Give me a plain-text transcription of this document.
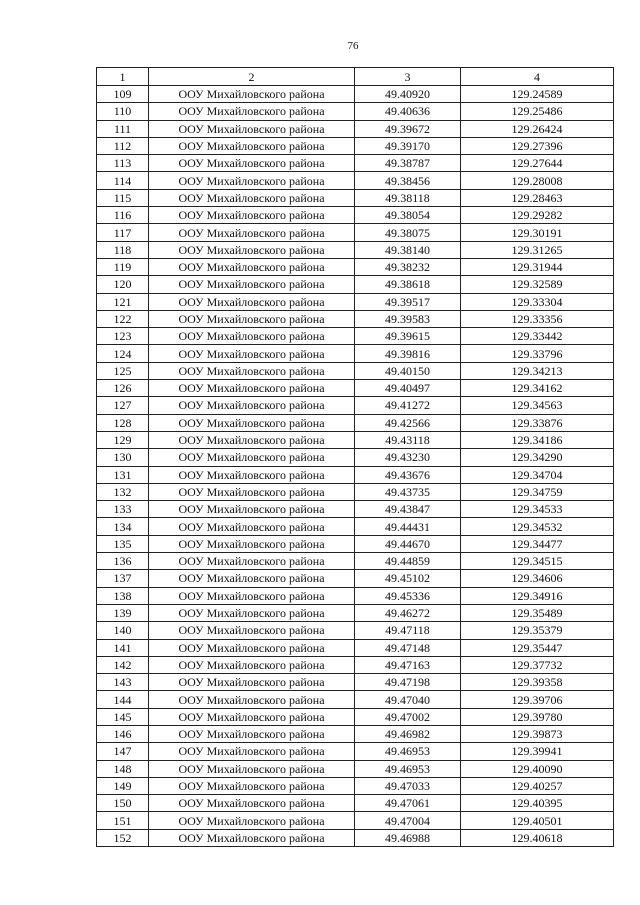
76
1	2	3	4
109	ООУ Михайловского района	49.40920	129.24589
110	ООУ Михайловского района	49.40636	129.25486
111	ООУ Михайловского района	49.39672	129.26424
112	ООУ Михайловского района	49.39170	129.27396
113	ООУ Михайловского района	49.38787	129.27644
114	ООУ Михайловского района	49.38456	129.28008
115	ООУ Михайловского района	49.38118	129.28463
116	ООУ Михайловского района	49.38054	129.29282
117	ООУ Михайловского района	49.38075	129.30191
118	ООУ Михайловского района	49.38140	129.31265
119	ООУ Михайловского района	49.38232	129.31944
120	ООУ Михайловского района	49.38618	129.32589
121	ООУ Михайловского района	49.39517	129.33304
122	ООУ Михайловского района	49.39583	129.33356
123	ООУ Михайловского района	49.39615	129.33442
124	ООУ Михайловского района	49.39816	129.33796
125	ООУ Михайловского района	49.40150	129.34213
126	ООУ Михайловского района	49.40497	129.34162
127	ООУ Михайловского района	49.41272	129.34563
128	ООУ Михайловского района	49.42566	129.33876
129	ООУ Михайловского района	49.43118	129.34186
130	ООУ Михайловского района	49.43230	129.34290
131	ООУ Михайловского района	49.43676	129.34704
132	ООУ Михайловского района	49.43735	129.34759
133	ООУ Михайловского района	49.43847	129.34533
134	ООУ Михайловского района	49.44431	129.34532
135	ООУ Михайловского района	49.44670	129.34477
136	ООУ Михайловского района	49.44859	129.34515
137	ООУ Михайловского района	49.45102	129.34606
138	ООУ Михайловского района	49.45336	129.34916
139	ООУ Михайловского района	49.46272	129.35489
140	ООУ Михайловского района	49.47118	129.35379
141	ООУ Михайловского района	49.47148	129.35447
142	ООУ Михайловского района	49.47163	129.37732
143	ООУ Михайловского района	49.47198	129.39358
144	ООУ Михайловского района	49.47040	129.39706
145	ООУ Михайловского района	49.47002	129.39780
146	ООУ Михайловского района	49.46982	129.39873
147	ООУ Михайловского района	49.46953	129.39941
148	ООУ Михайловского района	49.46953	129.40090
149	ООУ Михайловского района	49.47033	129.40257
150	ООУ Михайловского района	49.47061	129.40395
151	ООУ Михайловского района	49.47004	129.40501
152	ООУ Михайловского района	49.46988	129.40618
